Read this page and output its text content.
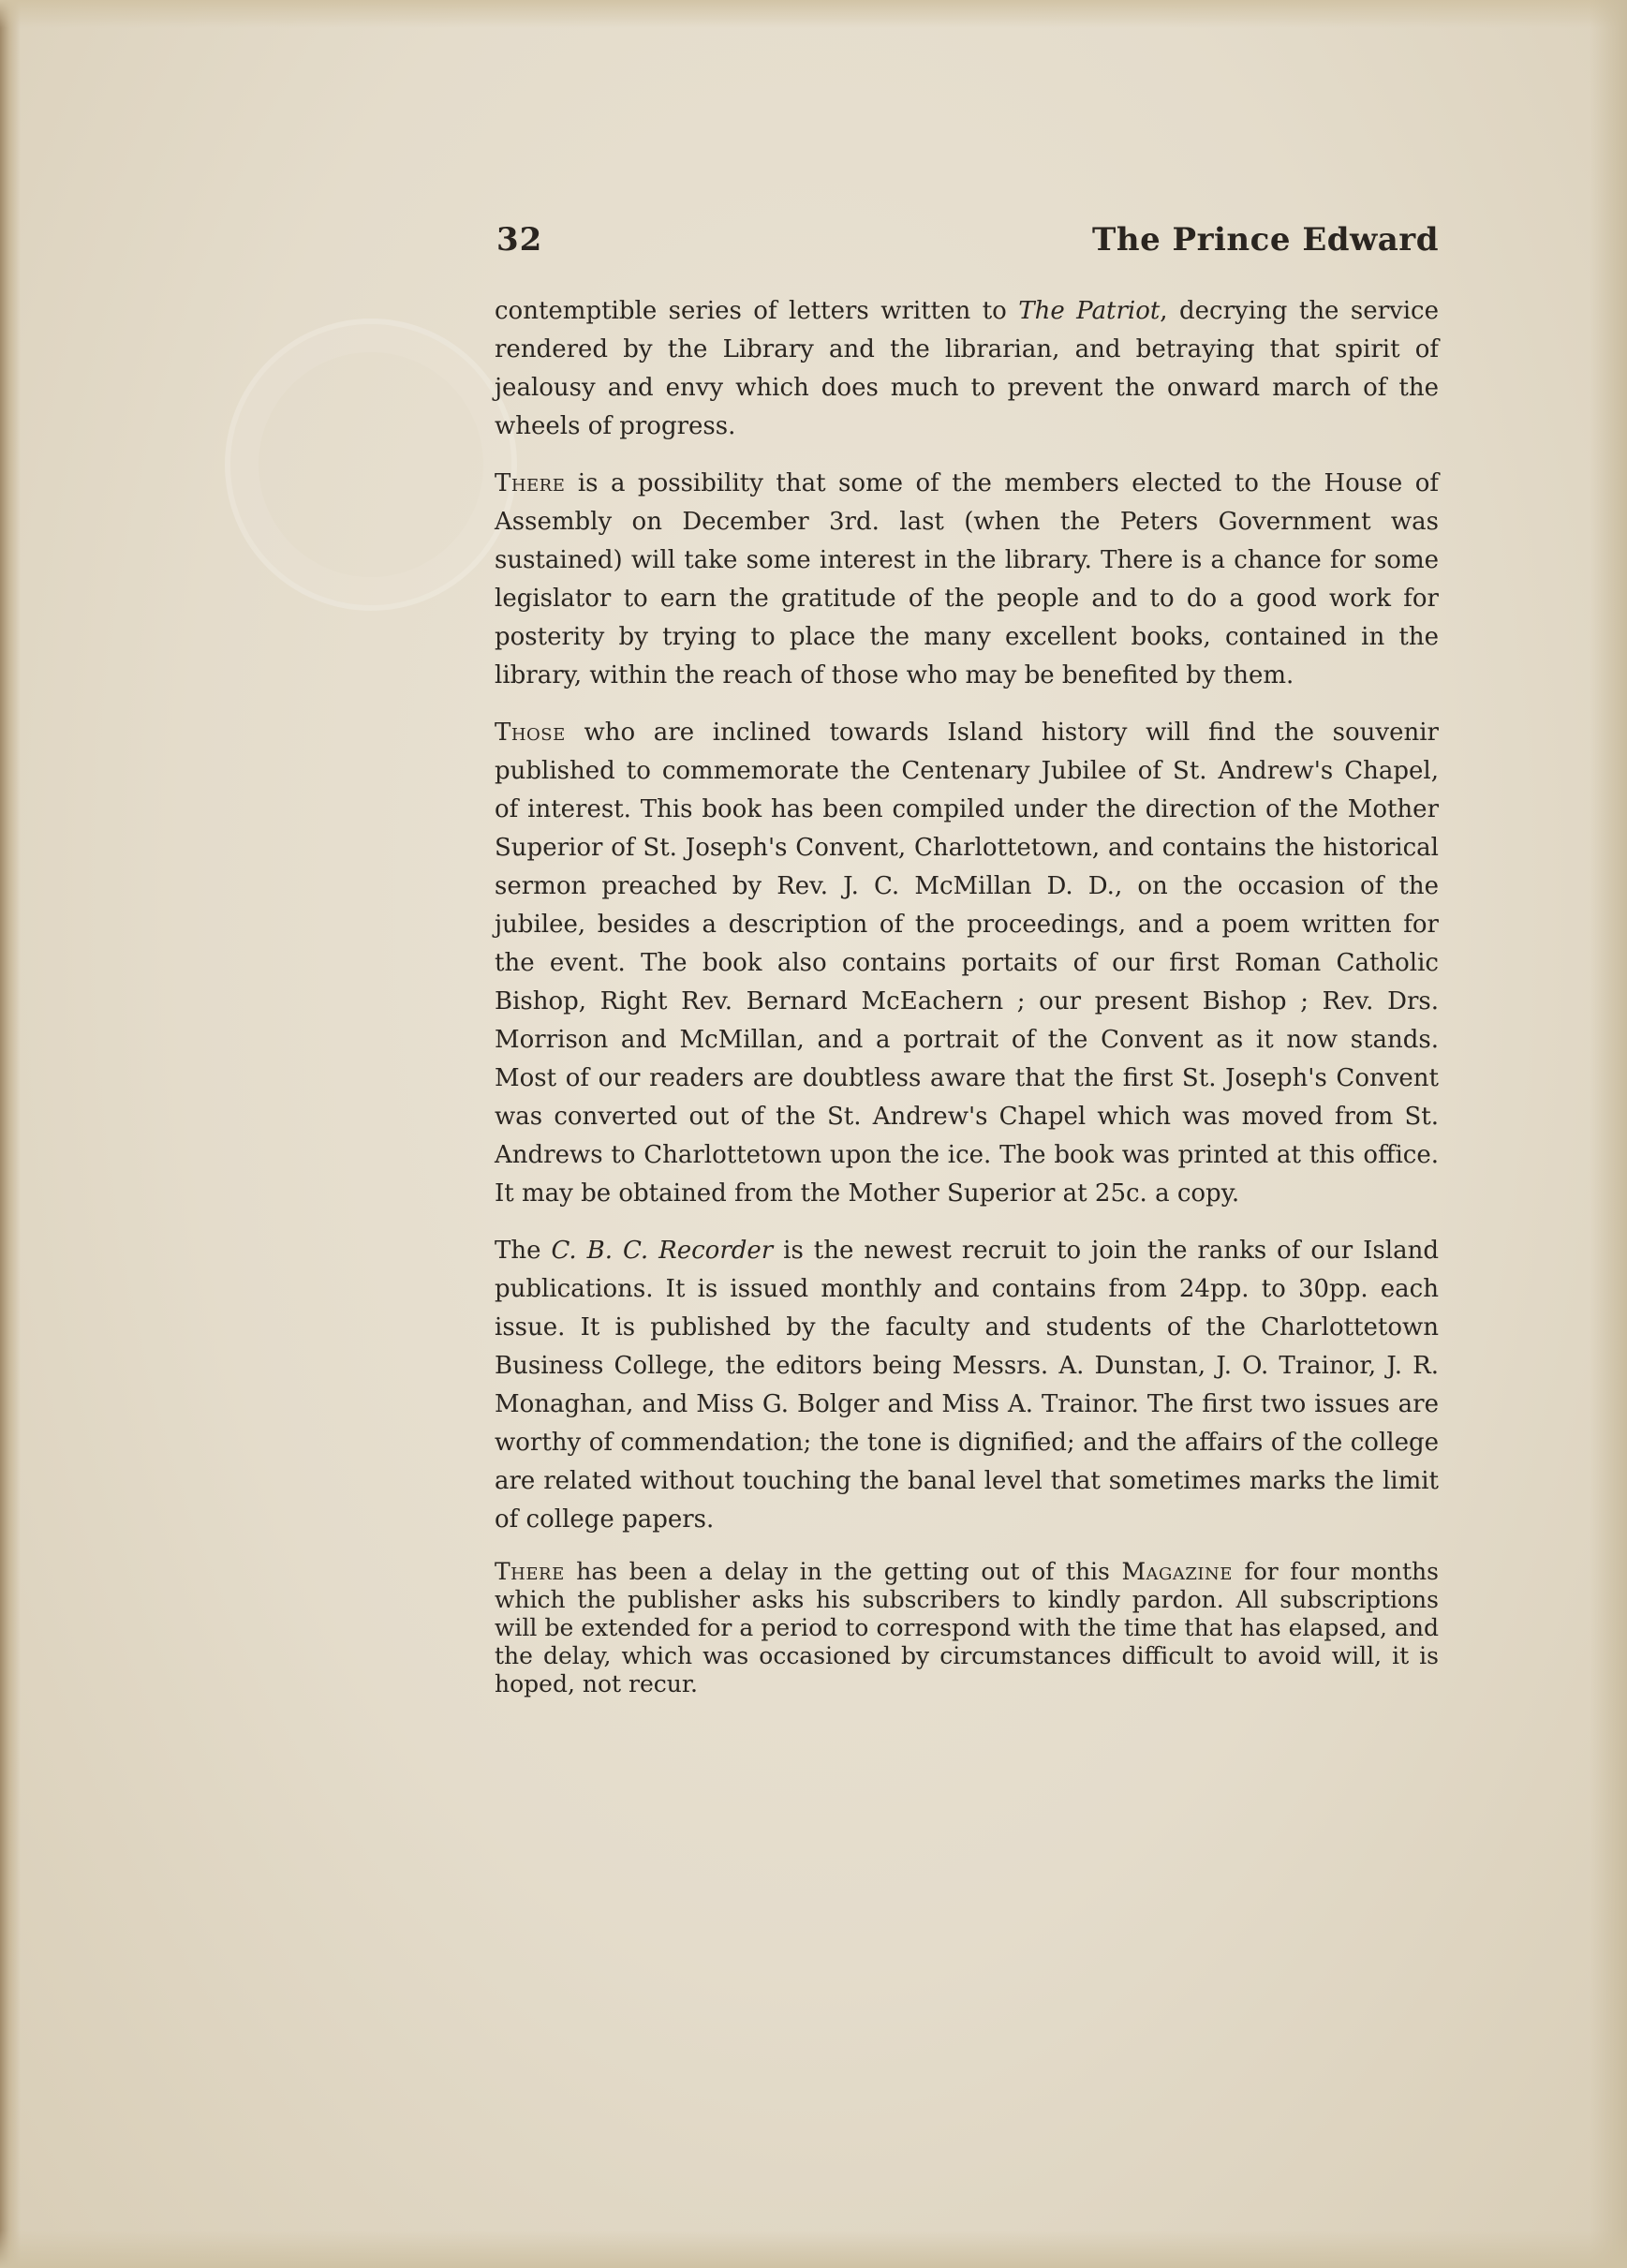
32	The Prince Edward

contemptible series of letters written to The Patriot, decrying the service rendered by the Library and the librarian, and betraying that spirit of jealousy and envy which does much to prevent the onward march of the wheels of progress.

There is a possibility that some of the members elected to the House of Assembly on December 3rd. last (when the Peters Government was sustained) will take some interest in the library. There is a chance for some legislator to earn the gratitude of the people and to do a good work for posterity by trying to place the many excellent books, contained in the library, within the reach of those who may be benefited by them.

Those who are inclined towards Island history will find the souvenir published to commemorate the Centenary Jubilee of St. Andrew's Chapel, of interest. This book has been compiled under the direction of the Mother Superior of St. Joseph's Convent, Charlottetown, and contains the historical sermon preached by Rev. J. C. McMillan D. D., on the occasion of the jubilee, besides a description of the proceedings, and a poem written for the event. The book also contains portaits of our first Roman Catholic Bishop, Right Rev. Bernard McEachern ; our present Bishop ; Rev. Drs. Morrison and McMillan, and a portrait of the Convent as it now stands. Most of our readers are doubtless aware that the first St. Joseph's Convent was converted out of the St. Andrew's Chapel which was moved from St. Andrews to Charlottetown upon the ice. The book was printed at this office. It may be obtained from the Mother Superior at 25c. a copy.

The C. B. C. Recorder is the newest recruit to join the ranks of our Island publications. It is issued monthly and contains from 24pp. to 30pp. each issue. It is published by the faculty and students of the Charlottetown Business College, the editors being Messrs. A. Dunstan, J. O. Trainor, J. R. Monaghan, and Miss G. Bolger and Miss A. Trainor. The first two issues are worthy of commendation; the tone is dignified; and the affairs of the college are related without touching the banal level that sometimes marks the limit of college papers.

There has been a delay in the getting out of this Magazine for four months which the publisher asks his subscribers to kindly pardon. All subscriptions will be extended for a period to correspond with the time that has elapsed, and the delay, which was occasioned by circumstances difficult to avoid will, it is hoped, not recur.
